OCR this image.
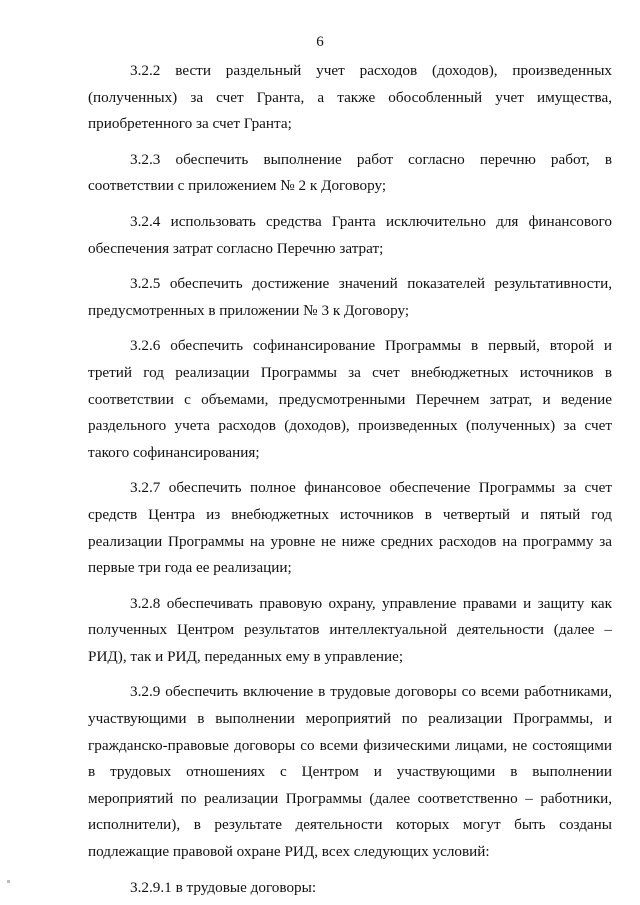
6

3.2.2 вести раздельный учет расходов (доходов), произведенных (полученных) за счет Гранта, а также обособленный учет имущества, приобретенного за счет Гранта;

3.2.3 обеспечить выполнение работ согласно перечню работ, в соответствии с приложением № 2 к Договору;

3.2.4 использовать средства Гранта исключительно для финансового обеспечения затрат согласно Перечню затрат;

3.2.5 обеспечить достижение значений показателей результативности, предусмотренных в приложении № 3 к Договору;

3.2.6 обеспечить софинансирование Программы в первый, второй и третий год реализации Программы за счет внебюджетных источников в соответствии с объемами, предусмотренными Перечнем затрат, и ведение раздельного учета расходов (доходов), произведенных (полученных) за счет такого софинансирования;

3.2.7 обеспечить полное финансовое обеспечение Программы за счет средств Центра из внебюджетных источников в четвертый и пятый год реализации Программы на уровне не ниже средних расходов на программу за первые три года ее реализации;

3.2.8 обеспечивать правовую охрану, управление правами и защиту как полученных Центром результатов интеллектуальной деятельности (далее – РИД), так и РИД, переданных ему в управление;

3.2.9 обеспечить включение в трудовые договоры со всеми работниками, участвующими в выполнении мероприятий по реализации Программы, и гражданско-правовые договоры со всеми физическими лицами, не состоящими в трудовых отношениях с Центром и участвующими в выполнении мероприятий по реализации Программы (далее соответственно – работники, исполнители), в результате деятельности которых могут быть созданы подлежащие правовой охране РИД, всех следующих условий:

3.2.9.1 в трудовые договоры:
